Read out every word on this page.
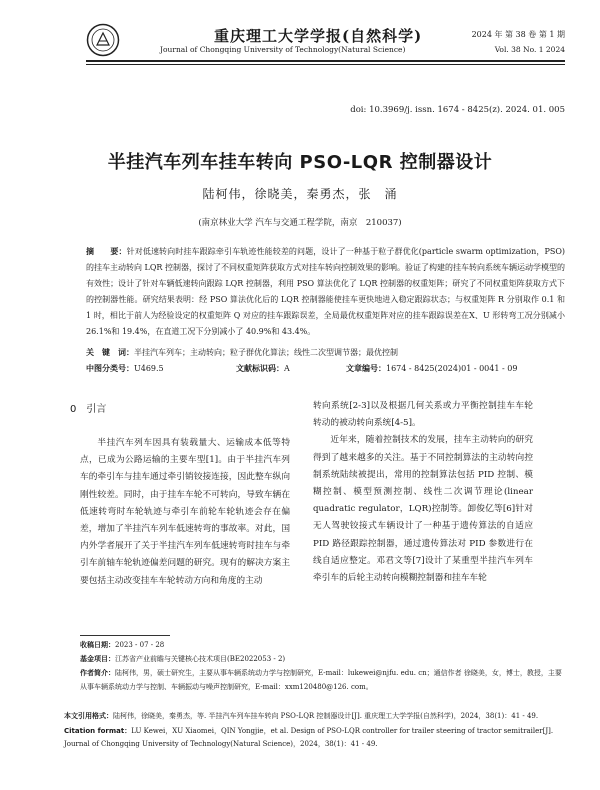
重庆理工大学学报(自然科学)
Journal of Chongqing University of Technology(Natural Science)
2024 年 第 38 卷 第 1 期
Vol. 38 No. 1 2024
doi: 10.3969/j. issn. 1674 - 8425(z). 2024. 01. 005
半挂汽车列车挂车转向 PSO-LQR 控制器设计
陆柯伟，徐晓美，秦勇杰，张　涌
(南京林业大学 汽车与交通工程学院，南京　210037)
摘　　要：针对低速转向时挂车跟踪牵引车轨迹性能较差的问题，设计了一种基于粒子群优化(particle swarm optimization，PSO)的挂车主动转向 LQR 控制器，探讨了不同权重矩阵获取方式对挂车转向控制效果的影响。验证了构建的挂车转向系统车辆运动学模型的有效性；设计了针对车辆低速转向跟踪 LQR 控制器，利用 PSO 算法优化了 LQR 控制器的权重矩阵；研究了不同权重矩阵获取方式下的控制器性能。研究结果表明：经 PSO 算法优化后的 LQR 控制器能使挂车更快地进入稳定跟踪状态；与权重矩阵 R 分别取作 0.1 和 1 时，相比于前人为经验设定的权重矩阵 Q 对应的挂车跟踪误差，全局最优权重矩阵对应的挂车跟踪误差在X、U 形转弯工况分别减小 26.1%和 19.4%，在直道工况下分别减小了 40.9%和 43.4%。
关　键　词：半挂汽车列车；主动转向；粒子群优化算法；线性二次型调节器；最优控制
中图分类号：U469.5	文献标识码：A	文章编号：1674 - 8425(2024)01 - 0041 - 09
0　引言
半挂汽车列车因具有装载量大、运输成本低等特点，已成为公路运输的主要车型[1]。由于半挂汽车列车的牵引车与挂车通过牵引销铰接连接，因此整车纵向刚性较差。同时，由于挂车车轮不可转向，导致车辆在低速转弯时车轮轨迹与牵引车前轮车轮轨迹会存在偏差，增加了半挂汽车列车低速转弯的事故率。对此，国内外学者展开了关于半挂汽车列车低速转弯时挂车与牵引车前轴车轮轨迹偏差问题的研究。现有的解决方案主要包括主动改变挂车车轮转动方向和角度的主动
转向系统[2-3]以及根据几何关系或力平衡控制挂车车轮转动的被动转向系统[4-5]。
近年来，随着控制技术的发展，挂车主动转向的研究得到了越来越多的关注。基于不同控制算法的主动转向控制系统陆续被提出，常用的控制算法包括 PID 控制、模糊控制、模型预测控制、线性二次调节理论(linear quadratic regulator，LQR)控制等。卸俊亿等[6]针对无人驾驶铰接式车辆设计了一种基于遗传算法的自适应 PID 路径跟踪控制器，通过遗传算法对 PID 参数进行在线自适应整定。邓君文等[7]设计了某重型半挂汽车列车牵引车的后轮主动转向模糊控制器和挂车车轮
收稿日期：2023 - 07 - 28
基金项目：江苏省产业前瞻与关键核心技术项目(BE2022053 - 2)
作者简介：陆柯伟，男，硕士研究生，主要从事车辆系统动力学与控制研究，E-mail：lukewei@njfu. edu. cn；通信作者 徐晓美，女，博士，教授，主要从事车辆系统动力学与控制、车辆振动与噪声控制研究，E-mail：xxm120480@126. com。

本文引用格式：陆柯伟，徐晓美，秦勇杰，等. 半挂汽车列车挂车转向 PSO-LQR 控制器设计[J]. 重庆理工大学学报(自然科学)，2024，38(1)：41 - 49.

Citation format：LU Kewei，XU Xiaomei，QIN Yongjie，et al. Design of PSO-LQR controller for trailer steering of tractor semitrailer[J]. Journal of Chongqing University of Technology(Natural Science)，2024，38(1)：41 - 49.
